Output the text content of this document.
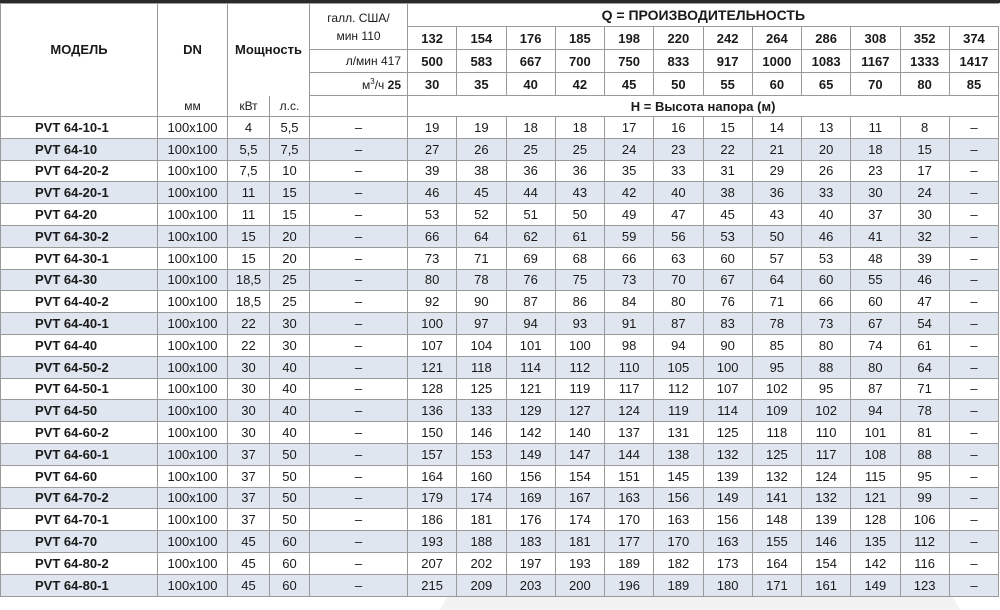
МОДЕЛЬ	DN	Мощность		галл. США/
мин 110	Q = ПРОИЗВОДИТЕЛЬНОСТЬ											
					132	154	176	185	198	220	242	264	286	308	352	374
				л/мин 417	500	583	667	700	750	833	917	1000	1083	1167	1333	1417
				$м^3/ч$ 25	30	35	40	42	45	50	55	60	65	70	80	85
	мм	кВт	л.с.		H = Высота напора (м)											
PVT 64-10-1	100x100	4	5,5	–	19	19	18	18	17	16	15	14	13	11	8	–
PVT 64-10	100x100	5,5	7,5	–	27	26	25	25	24	23	22	21	20	18	15	–
PVT 64-20-2	100x100	7,5	10	–	39	38	36	36	35	33	31	29	26	23	17	–
PVT 64-20-1	100x100	11	15	–	46	45	44	43	42	40	38	36	33	30	24	–
PVT 64-20	100x100	11	15	–	53	52	51	50	49	47	45	43	40	37	30	–
PVT 64-30-2	100x100	15	20	–	66	64	62	61	59	56	53	50	46	41	32	–
PVT 64-30-1	100x100	15	20	–	73	71	69	68	66	63	60	57	53	48	39	–
PVT 64-30	100x100	18,5	25	–	80	78	76	75	73	70	67	64	60	55	46	–
PVT 64-40-2	100x100	18,5	25	–	92	90	87	86	84	80	76	71	66	60	47	–
PVT 64-40-1	100x100	22	30	–	100	97	94	93	91	87	83	78	73	67	54	–
PVT 64-40	100x100	22	30	–	107	104	101	100	98	94	90	85	80	74	61	–
PVT 64-50-2	100x100	30	40	–	121	118	114	112	110	105	100	95	88	80	64	–
PVT 64-50-1	100x100	30	40	–	128	125	121	119	117	112	107	102	95	87	71	–
PVT 64-50	100x100	30	40	–	136	133	129	127	124	119	114	109	102	94	78	–
PVT 64-60-2	100x100	30	40	–	150	146	142	140	137	131	125	118	110	101	81	–
PVT 64-60-1	100x100	37	50	–	157	153	149	147	144	138	132	125	117	108	88	–
PVT 64-60	100x100	37	50	–	164	160	156	154	151	145	139	132	124	115	95	–
PVT 64-70-2	100x100	37	50	–	179	174	169	167	163	156	149	141	132	121	99	–
PVT 64-70-1	100x100	37	50	–	186	181	176	174	170	163	156	148	139	128	106	–
PVT 64-70	100x100	45	60	–	193	188	183	181	177	170	163	155	146	135	112	–
PVT 64-80-2	100x100	45	60	–	207	202	197	193	189	182	173	164	154	142	116	–
PVT 64-80-1	100x100	45	60	–	215	209	203	200	196	189	180	171	161	149	123	–
